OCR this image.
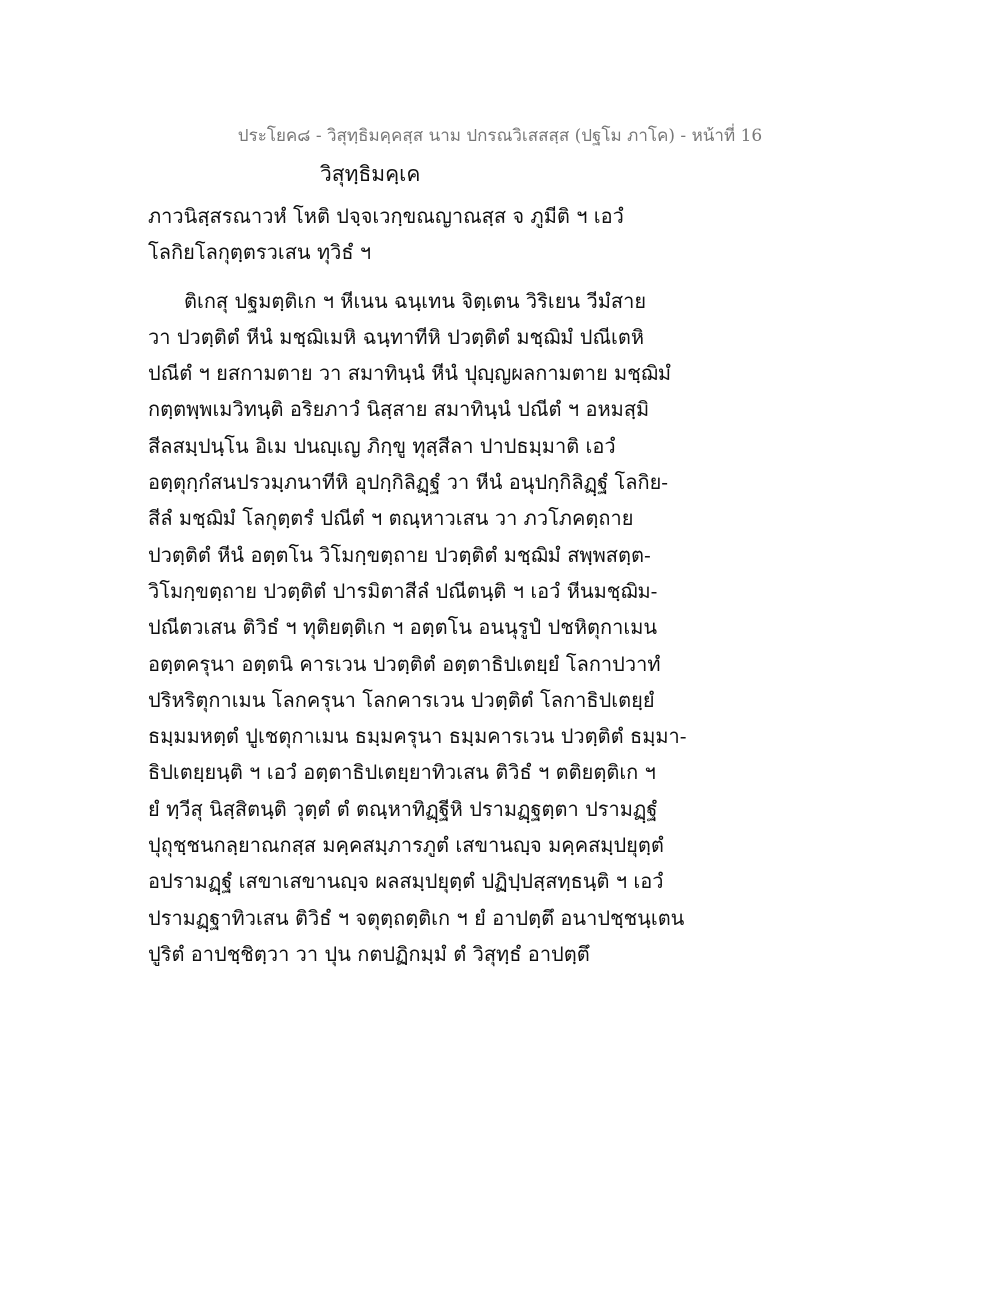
ประโยค๘ - วิสุทฺธิมคฺคสฺส นาม ปกรณวิเสสสฺส (ปฐโม ภาโค) - หน้าที่ 16
วิสุทฺธิมคฺเค
ภาวนิสฺสรณาวหํ โหติ ปจฺจเวกฺขณญาณสฺส จ ภูมีติ ฯ เอวํ
โลกิยโลกุตฺตรวเสน ทุวิธํ ฯ
ติเกสุ ปฐมตฺติเก ฯ หีเนน ฉนฺเทน จิตฺเตน วิริเยน วีมํสาย
วา ปวตฺติตํ หีนํ มชฺฌิเมหิ ฉนฺทาทีหิ ปวตฺติตํ มชฺฌิมํ ปณีเตหิ
ปณีตํ ฯ ยสกามตาย วา สมาทินฺนํ หีนํ ปุญฺญผลกามตาย มชฺฌิมํ
กตฺตพฺพเมวิทนฺติ อริยภาวํ นิสฺสาย สมาทินฺนํ ปณีตํ ฯ อหมสฺมิ
สีลสมฺปนฺโน อิเม ปนญฺเญ ภิกฺขู ทุสฺสีลา ปาปธมฺมาติ เอวํ
อตฺตุกฺกํสนปรวมฺภนาทีหิ อุปกฺกิลิฏฺฐํ วา หีนํ อนุปกฺกิลิฏฺฐํ โลกิย-
สีลํ มชฺฌิมํ โลกุตฺตรํ ปณีตํ ฯ ตณฺหาวเสน วา ภวโภคตฺถาย
ปวตฺติตํ หีนํ อตฺตโน วิโมกฺขตฺถาย ปวตฺติตํ มชฺฌิมํ สพฺพสตฺต-
วิโมกฺขตฺถาย ปวตฺติตํ ปารมิตาสีลํ ปณีตนฺติ ฯ เอวํ หีนมชฺฌิม-
ปณีตวเสน ติวิธํ ฯ ทุติยตฺติเก ฯ อตฺตโน อนนุรูปํ ปชหิตุกาเมน
อตฺตครุนา อตฺตนิ คารเวน ปวตฺติตํ อตฺตาธิปเตยฺยํ โลกาปวาทํ
ปริหริตุกาเมน โลกครุนา โลกคารเวน ปวตฺติตํ โลกาธิปเตยฺยํ
ธมฺมมหตฺตํ ปูเชตุกาเมน ธมฺมครุนา ธมฺมคารเวน ปวตฺติตํ ธมฺมา-
ธิปเตยฺยนฺติ ฯ เอวํ อตฺตาธิปเตยฺยาทิวเสน ติวิธํ ฯ ตติยตฺติเก ฯ
ยํ ทฺวีสุ นิสฺสิตนฺติ วุตฺตํ ตํ ตณฺหาทิฏฺฐีหิ ปรามฏฺฐตฺตา ปรามฏฺฐํ
ปุถุชฺชนกลฺยาณกสฺส มคฺคสมฺภารภูตํ เสขานญฺจ มคฺคสมฺปยุตฺตํ
อปรามฏฺฐํ เสขาเสขานญฺจ ผลสมฺปยุตฺตํ ปฏิปฺปสฺสทฺธนฺติ ฯ เอวํ
ปรามฏฺฐาทิวเสน ติวิธํ ฯ จตุตฺถตฺติเก ฯ ยํ อาปตฺตึ อนาปชฺชนฺเตน
ปูริตํ อาปชฺชิตฺวา วา ปุน กตปฏิกมฺมํ ตํ วิสุทฺธํ อาปตฺตึ
